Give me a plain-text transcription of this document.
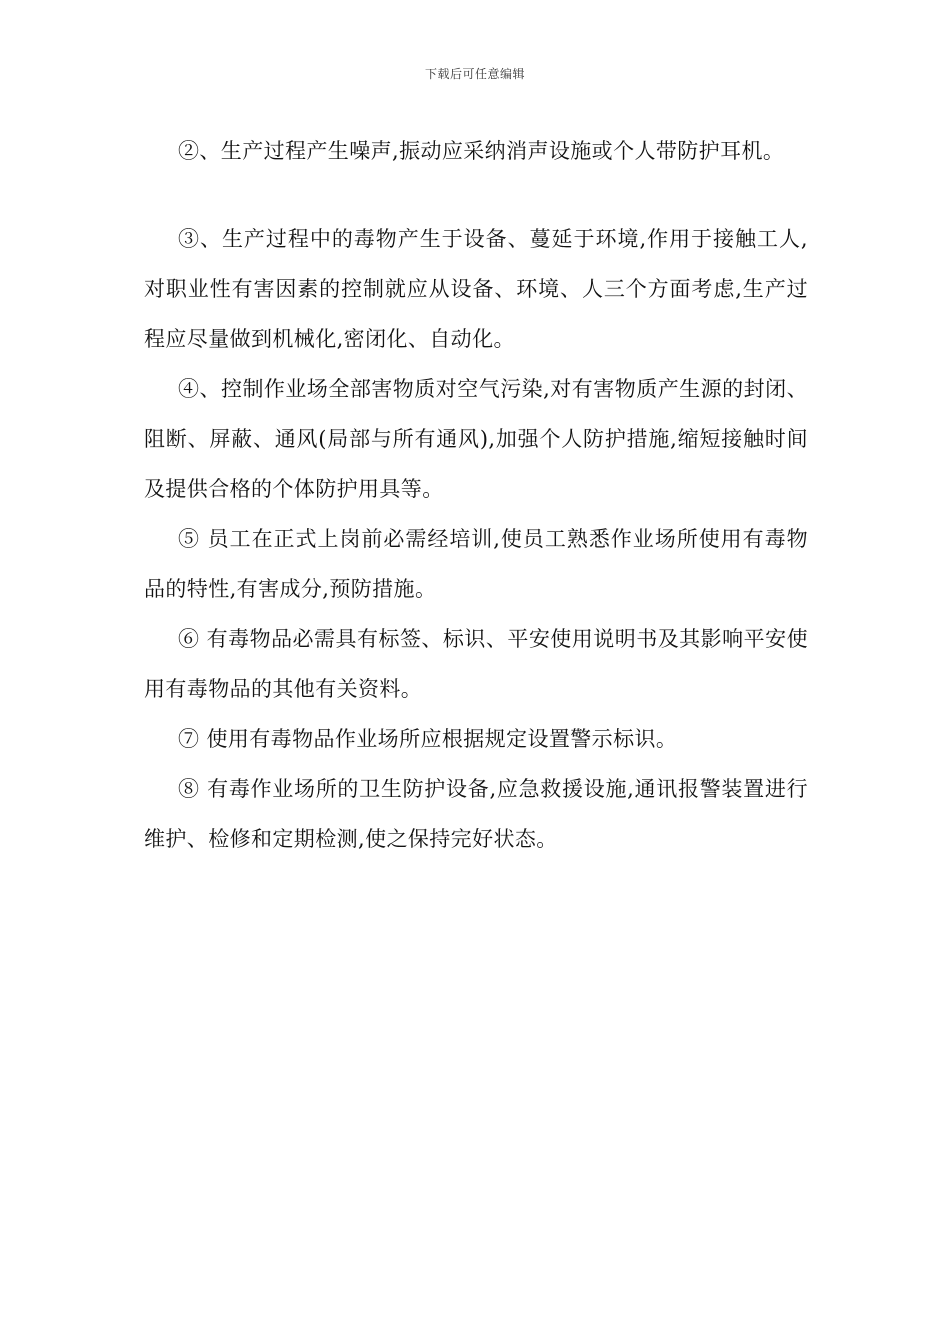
下载后可任意编辑

②、生产过程产生噪声,振动应采纳消声设施或个人带防护耳机。

③、生产过程中的毒物产生于设备、蔓延于环境,作用于接触工人,对职业性有害因素的控制就应从设备、环境、人三个方面考虑,生产过程应尽量做到机械化,密闭化、自动化。

④、控制作业场全部害物质对空气污染,对有害物质产生源的封闭、阻断、屏蔽、通风(局部与所有通风),加强个人防护措施,缩短接触时间及提供合格的个体防护用具等。

⑤ 员工在正式上岗前必需经培训,使员工熟悉作业场所使用有毒物品的特性,有害成分,预防措施。

⑥ 有毒物品必需具有标签、标识、平安使用说明书及其影响平安使用有毒物品的其他有关资料。

⑦ 使用有毒物品作业场所应根据规定设置警示标识。

⑧ 有毒作业场所的卫生防护设备,应急救援设施,通讯报警装置进行维护、检修和定期检测,使之保持完好状态。
